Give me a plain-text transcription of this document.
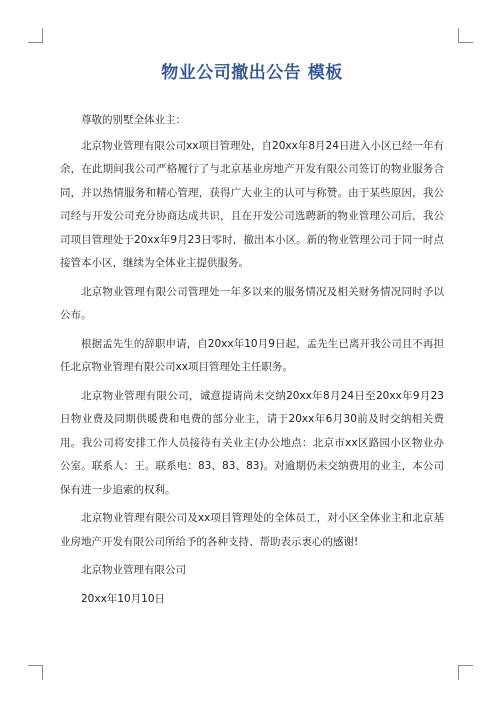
物业公司撤出公告 模板

尊敬的别墅全体业主：

北京物业管理有限公司xx项目管理处，自20xx年8月24日进入小区已经一年有余，在此期间我公司严格履行了与北京基业房地产开发有限公司签订的物业服务合同，并以热情服务和精心管理，获得广大业主的认可与称赞。由于某些原因，我公司经与开发公司充分协商达成共识，且在开发公司选聘新的物业管理公司后，我公司项目管理处于20xx年9月23日零时，撤出本小区。新的物业管理公司于同一时点接管本小区，继续为全体业主提供服务。

北京物业管理有限公司管理处一年多以来的服务情况及相关财务情况同时予以公布。

根据孟先生的辞职申请，自20xx年10月9日起，孟先生已离开我公司且不再担任北京物业管理有限公司xx项目管理处主任职务。

北京物业管理有限公司，诚意提请尚未交纳20xx年8月24日至20xx年9月23日物业费及同期供暖费和电费的部分业主，请于20xx年6月30前及时交纳相关费用。我公司将安排工作人员接待有关业主(办公地点：北京市xx区路园小区物业办公室。联系人：王。联系电：83、83、83)。对逾期仍未交纳费用的业主，本公司保有进一步追索的权利。

北京物业管理有限公司及xx项目管理处的全体员工，对小区全体业主和北京基业房地产开发有限公司所给予的各种支持、帮助表示衷心的感谢!

北京物业管理有限公司

20xx年10月10日
